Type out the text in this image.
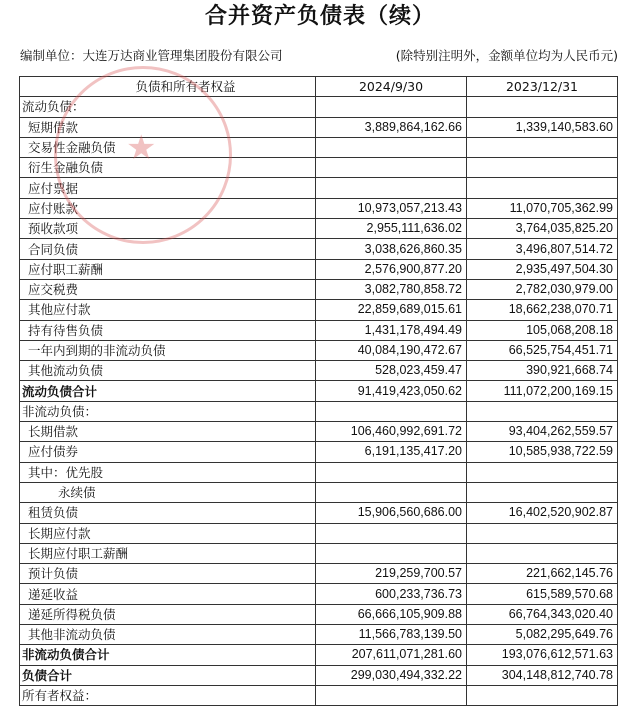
合并资产负债表（续）
编制单位：大连万达商业管理集团股份有限公司	(除特别注明外，金额单位均为人民币元)
负债和所有者权益	2024/9/30	2023/12/31
流动负债：		
短期借款	3,889,864,162.66	1,339,140,583.60
交易性金融负债		
衍生金融负债		
应付票据		
应付账款	10,973,057,213.43	11,070,705,362.99
预收款项	2,955,111,636.02	3,764,035,825.20
合同负债	3,038,626,860.35	3,496,807,514.72
应付职工薪酬	2,576,900,877.20	2,935,497,504.30
应交税费	3,082,780,858.72	2,782,030,979.00
其他应付款	22,859,689,015.61	18,662,238,070.71
持有待售负债	1,431,178,494.49	105,068,208.18
一年内到期的非流动负债	40,084,190,472.67	66,525,754,451.71
其他流动负债	528,023,459.47	390,921,668.74
流动负债合计	91,419,423,050.62	111,072,200,169.15
非流动负债：		
长期借款	106,460,992,691.72	93,404,262,559.57
应付债券	6,191,135,417.20	10,585,938,722.59
其中：优先股		
永续债		
租赁负债	15,906,560,686.00	16,402,520,902.87
长期应付款		
长期应付职工薪酬		
预计负债	219,259,700.57	221,662,145.76
递延收益	600,233,736.73	615,589,570.68
递延所得税负债	66,666,105,909.88	66,764,343,020.40
其他非流动负债	11,566,783,139.50	5,082,295,649.76
非流动负债合计	207,611,071,281.60	193,076,612,571.63
负债合计	299,030,494,332.22	304,148,812,740.78
所有者权益：		
★
